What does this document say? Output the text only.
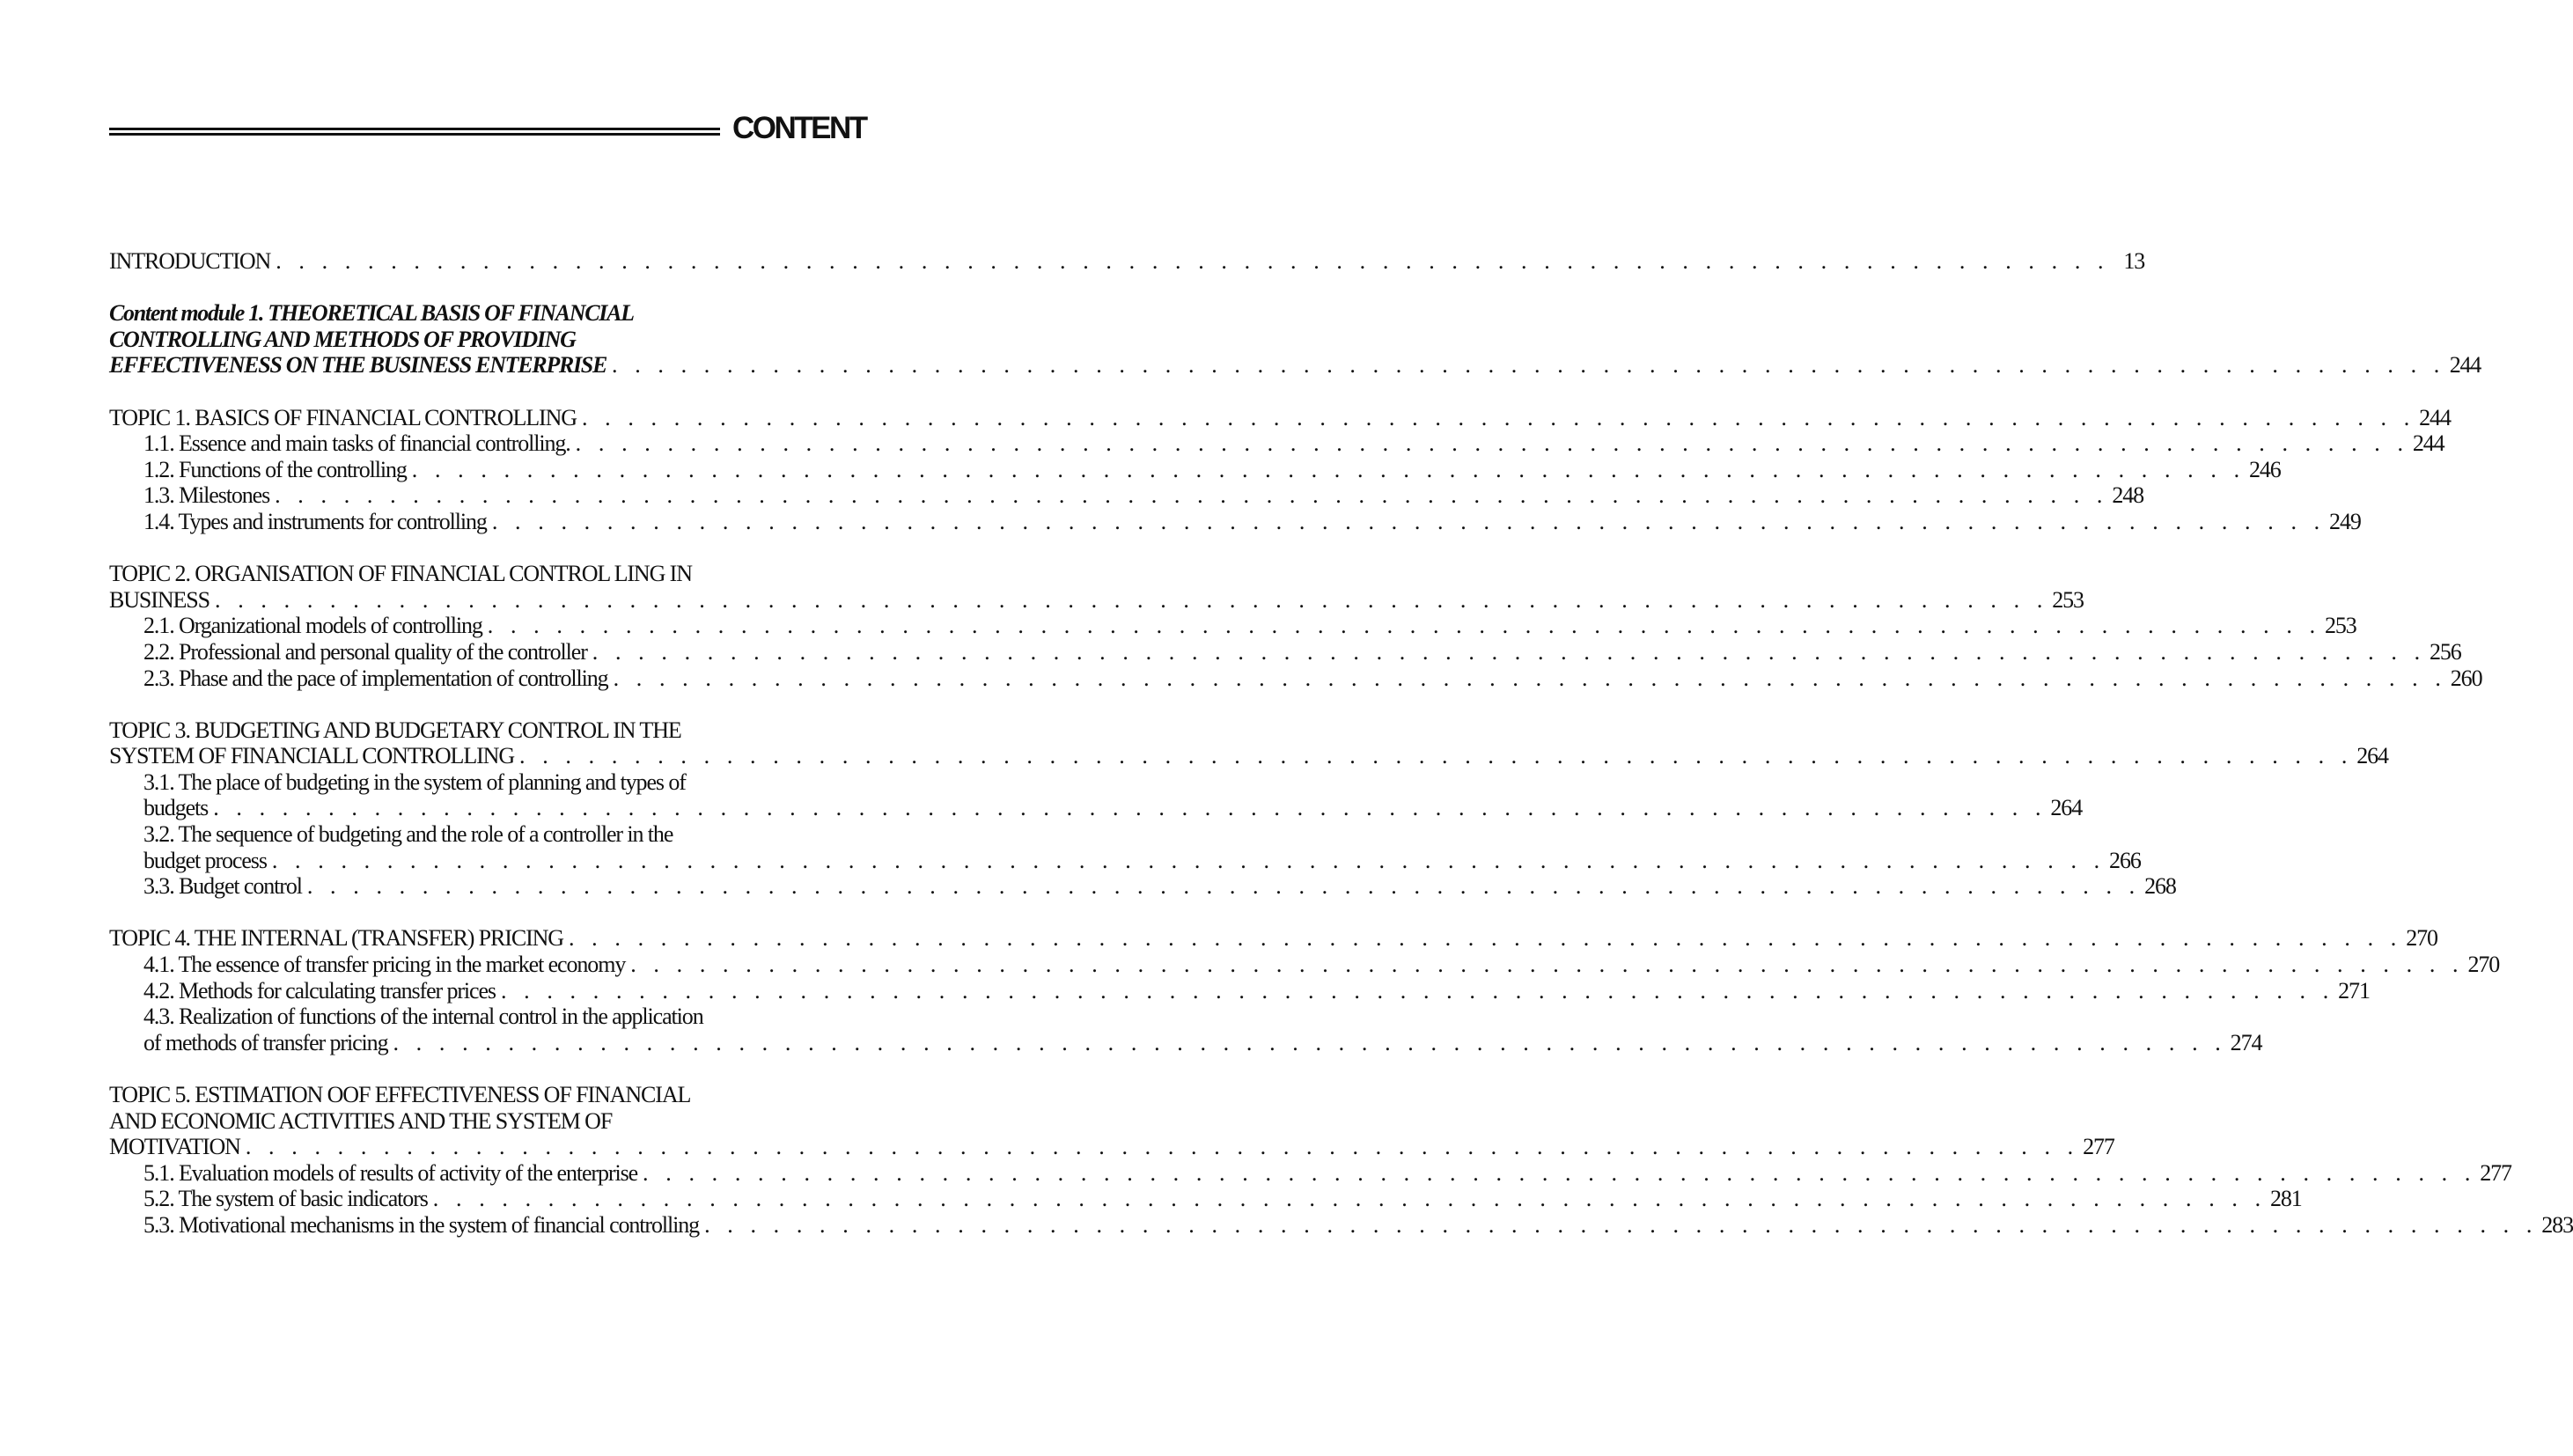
CONTENT
INTRODUCTION . . . . . . . . . . . . . . . . . . . . . . . . . . . . . . . . . . . . . . . . . . . . . . . . . . . . . . . . . . . . . . . . . . . . . . . . . . . . . . . . 13
Content module 1. THEORETICAL BASIS OF FINANCIAL
CONTROLLING AND METHODS OF PROVIDING
EFFECTIVENESS ON THE BUSINESS ENTERPRISE . . . . . . . . . . . . . . . . . . . . . . . . . . . . . . . . . . . . . . . . . . . . . . . . . . . . . . . . . . . . . . . . . . . . . . . . . . . . . . . . 244
TOPIC 1. BASICS OF FINANCIAL CONTROLLING . . . . . . . . . . . . . . . . . . . . . . . . . . . . . . . . . . . . . . . . . . . . . . . . . . . . . . . . . . . . . . . . . . . . . . . . . . . . . . . . 244
1.1. Essence and main tasks of financial controlling. . . . . . . . . . . . . . . . . . . . . . . . . . . . . . . . . . . . . . . . . . . . . . . . . . . . . . . . . . . . . . . . . . . . . . . . . . . . . . . . . 244
1.2. Functions of the controlling . . . . . . . . . . . . . . . . . . . . . . . . . . . . . . . . . . . . . . . . . . . . . . . . . . . . . . . . . . . . . . . . . . . . . . . . . . . . . . . . 246
1.3. Milestones . . . . . . . . . . . . . . . . . . . . . . . . . . . . . . . . . . . . . . . . . . . . . . . . . . . . . . . . . . . . . . . . . . . . . . . . . . . . . . . . 248
1.4. Types and instruments for controlling . . . . . . . . . . . . . . . . . . . . . . . . . . . . . . . . . . . . . . . . . . . . . . . . . . . . . . . . . . . . . . . . . . . . . . . . . . . . . . . . 249
TOPIC 2. ORGANISATION OF FINANCIAL CONTROL LING IN
BUSINESS . . . . . . . . . . . . . . . . . . . . . . . . . . . . . . . . . . . . . . . . . . . . . . . . . . . . . . . . . . . . . . . . . . . . . . . . . . . . . . . . 253
2.1. Organizational models of controlling . . . . . . . . . . . . . . . . . . . . . . . . . . . . . . . . . . . . . . . . . . . . . . . . . . . . . . . . . . . . . . . . . . . . . . . . . . . . . . . . 253
2.2. Professional and personal quality of the controller . . . . . . . . . . . . . . . . . . . . . . . . . . . . . . . . . . . . . . . . . . . . . . . . . . . . . . . . . . . . . . . . . . . . . . . . . . . . . . . . 256
2.3. Phase and the pace of implementation of controlling . . . . . . . . . . . . . . . . . . . . . . . . . . . . . . . . . . . . . . . . . . . . . . . . . . . . . . . . . . . . . . . . . . . . . . . . . . . . . . . . 260
TOPIC 3. BUDGETING AND BUDGETARY CONTROL IN THE
SYSTEM OF FINANCIALL CONTROLLING . . . . . . . . . . . . . . . . . . . . . . . . . . . . . . . . . . . . . . . . . . . . . . . . . . . . . . . . . . . . . . . . . . . . . . . . . . . . . . . . 264
3.1. The place of budgeting in the system of planning and types of
budgets . . . . . . . . . . . . . . . . . . . . . . . . . . . . . . . . . . . . . . . . . . . . . . . . . . . . . . . . . . . . . . . . . . . . . . . . . . . . . . . . 264
3.2. The sequence of budgeting and the role of a controller in the
budget process . . . . . . . . . . . . . . . . . . . . . . . . . . . . . . . . . . . . . . . . . . . . . . . . . . . . . . . . . . . . . . . . . . . . . . . . . . . . . . . . 266
3.3. Budget control . . . . . . . . . . . . . . . . . . . . . . . . . . . . . . . . . . . . . . . . . . . . . . . . . . . . . . . . . . . . . . . . . . . . . . . . . . . . . . . . 268
TOPIC 4. THE INTERNAL (TRANSFER) PRICING . . . . . . . . . . . . . . . . . . . . . . . . . . . . . . . . . . . . . . . . . . . . . . . . . . . . . . . . . . . . . . . . . . . . . . . . . . . . . . . . 270
4.1. The essence of transfer pricing in the market economy . . . . . . . . . . . . . . . . . . . . . . . . . . . . . . . . . . . . . . . . . . . . . . . . . . . . . . . . . . . . . . . . . . . . . . . . . . . . . . . . 270
4.2. Methods for calculating transfer prices . . . . . . . . . . . . . . . . . . . . . . . . . . . . . . . . . . . . . . . . . . . . . . . . . . . . . . . . . . . . . . . . . . . . . . . . . . . . . . . . 271
4.3. Realization of functions of the internal control in the application
of methods of transfer pricing . . . . . . . . . . . . . . . . . . . . . . . . . . . . . . . . . . . . . . . . . . . . . . . . . . . . . . . . . . . . . . . . . . . . . . . . . . . . . . . . 274
TOPIC 5. ESTIMATION OOF EFFECTIVENESS OF FINANCIAL
AND ECONOMIC ACTIVITIES AND THE SYSTEM OF
MOTIVATION . . . . . . . . . . . . . . . . . . . . . . . . . . . . . . . . . . . . . . . . . . . . . . . . . . . . . . . . . . . . . . . . . . . . . . . . . . . . . . . . 277
5.1. Evaluation models of results of activity of the enterprise . . . . . . . . . . . . . . . . . . . . . . . . . . . . . . . . . . . . . . . . . . . . . . . . . . . . . . . . . . . . . . . . . . . . . . . . . . . . . . . . 277
5.2. The system of basic indicators . . . . . . . . . . . . . . . . . . . . . . . . . . . . . . . . . . . . . . . . . . . . . . . . . . . . . . . . . . . . . . . . . . . . . . . . . . . . . . . . 281
5.3. Motivational mechanisms in the system of financial controlling . . . . . . . . . . . . . . . . . . . . . . . . . . . . . . . . . . . . . . . . . . . . . . . . . . . . . . . . . . . . . . . . . . . . . . . . . . . . . . . . 283
